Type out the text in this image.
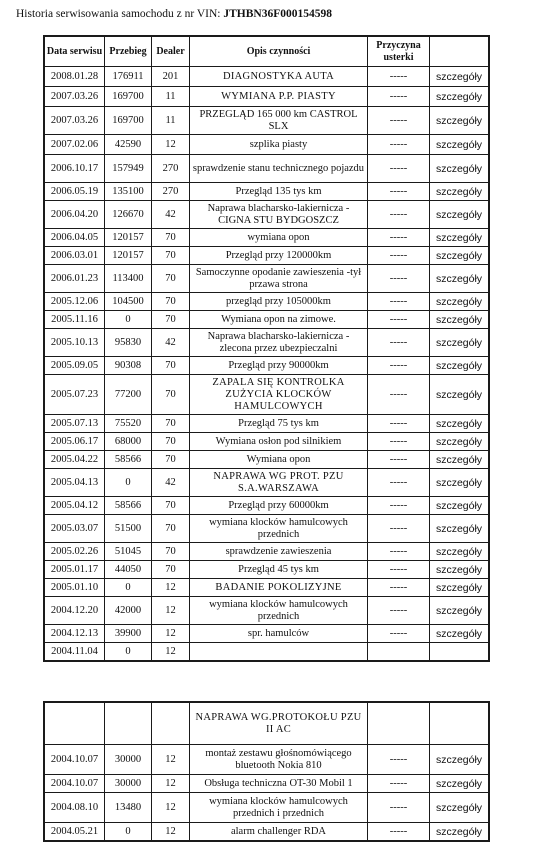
Historia serwisowania samochodu z nr VIN: JTHBN36F000154598
Data serwisu	Przebieg	Dealer	Opis czynności	Przyczyna usterki	
2008.01.28	176911	201	DIAGNOSTYKA AUTA	-----	szczegóły
2007.03.26	169700	11	WYMIANA P.P. PIASTY	-----	szczegóły
2007.03.26	169700	11	PRZEGLĄD 165 000 km CASTROL SLX	-----	szczegóły
2007.02.06	42590	12	szplika piasty	-----	szczegóły
2006.10.17	157949	270	sprawdzenie stanu technicznego pojazdu	-----	szczegóły
2006.05.19	135100	270	Przegląd 135 tys km	-----	szczegóły
2006.04.20	126670	42	Naprawa blacharsko-lakiernicza - CIGNA STU BYDGOSZCZ	-----	szczegóły
2006.04.05	120157	70	wymiana opon	-----	szczegóły
2006.03.01	120157	70	Przegląd przy 120000km	-----	szczegóły
2006.01.23	113400	70	Samoczynne opodanie zawieszenia -tył przawa strona	-----	szczegóły
2005.12.06	104500	70	przegląd przy 105000km	-----	szczegóły
2005.11.16	0	70	Wymiana opon na zimowe.	-----	szczegóły
2005.10.13	95830	42	Naprawa blacharsko-lakiernicza - zlecona przez ubezpieczalni	-----	szczegóły
2005.09.05	90308	70	Przegląd przy 90000km	-----	szczegóły
2005.07.23	77200	70	ZAPALA SIĘ KONTROLKA ZUŻYCIA KLOCKÓW HAMULCOWYCH	-----	szczegóły
2005.07.13	75520	70	Przegląd 75 tys km	-----	szczegóły
2005.06.17	68000	70	Wymiana osłon pod silnikiem	-----	szczegóły
2005.04.22	58566	70	Wymiana opon	-----	szczegóły
2005.04.13	0	42	NAPRAWA WG PROT. PZU S.A.WARSZAWA	-----	szczegóły
2005.04.12	58566	70	Przegląd przy 60000km	-----	szczegóły
2005.03.07	51500	70	wymiana klocków hamulcowych przednich	-----	szczegóły
2005.02.26	51045	70	sprawdzenie zawieszenia	-----	szczegóły
2005.01.17	44050	70	Przegląd 45 tys km	-----	szczegóły
2005.01.10	0	12	BADANIE POKOLIZYJNE	-----	szczegóły
2004.12.20	42000	12	wymiana klocków hamulcowych przednich	-----	szczegóły
2004.12.13	39900	12	spr. hamulców	-----	szczegóły
2004.11.04	0	12			
			NAPRAWA WG.PROTOKOŁU PZU II AC		
2004.10.07	30000	12	montaż zestawu głośnomówiącego bluetooth Nokia 810	-----	szczegóły
2004.10.07	30000	12	Obsługa techniczna OT-30 Mobil 1	-----	szczegóły
2004.08.10	13480	12	wymiana klocków hamulcowych przednich i przednich	-----	szczegóły
2004.05.21	0	12	alarm challenger RDA	-----	szczegóły
